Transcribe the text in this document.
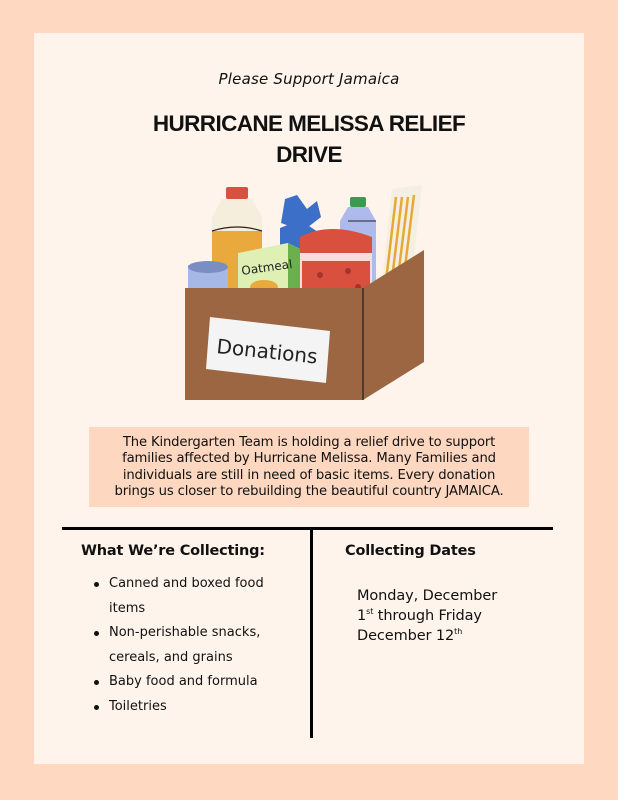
Please Support Jamaica
HURRICANE MELISSA RELIEF
DRIVE
Oatmeal
Donations
The Kindergarten Team is holding a relief drive to support
families affected by Hurricane Melissa. Many Families and
individuals are still in need of basic items. Every donation
brings us closer to rebuilding the beautiful country JAMAICA.
What We’re Collecting:
Canned and boxed food
items
Non-perishable snacks,
cereals, and grains
Baby food and formula
Toiletries
Collecting Dates
Monday, December
1st through Friday
December 12th
